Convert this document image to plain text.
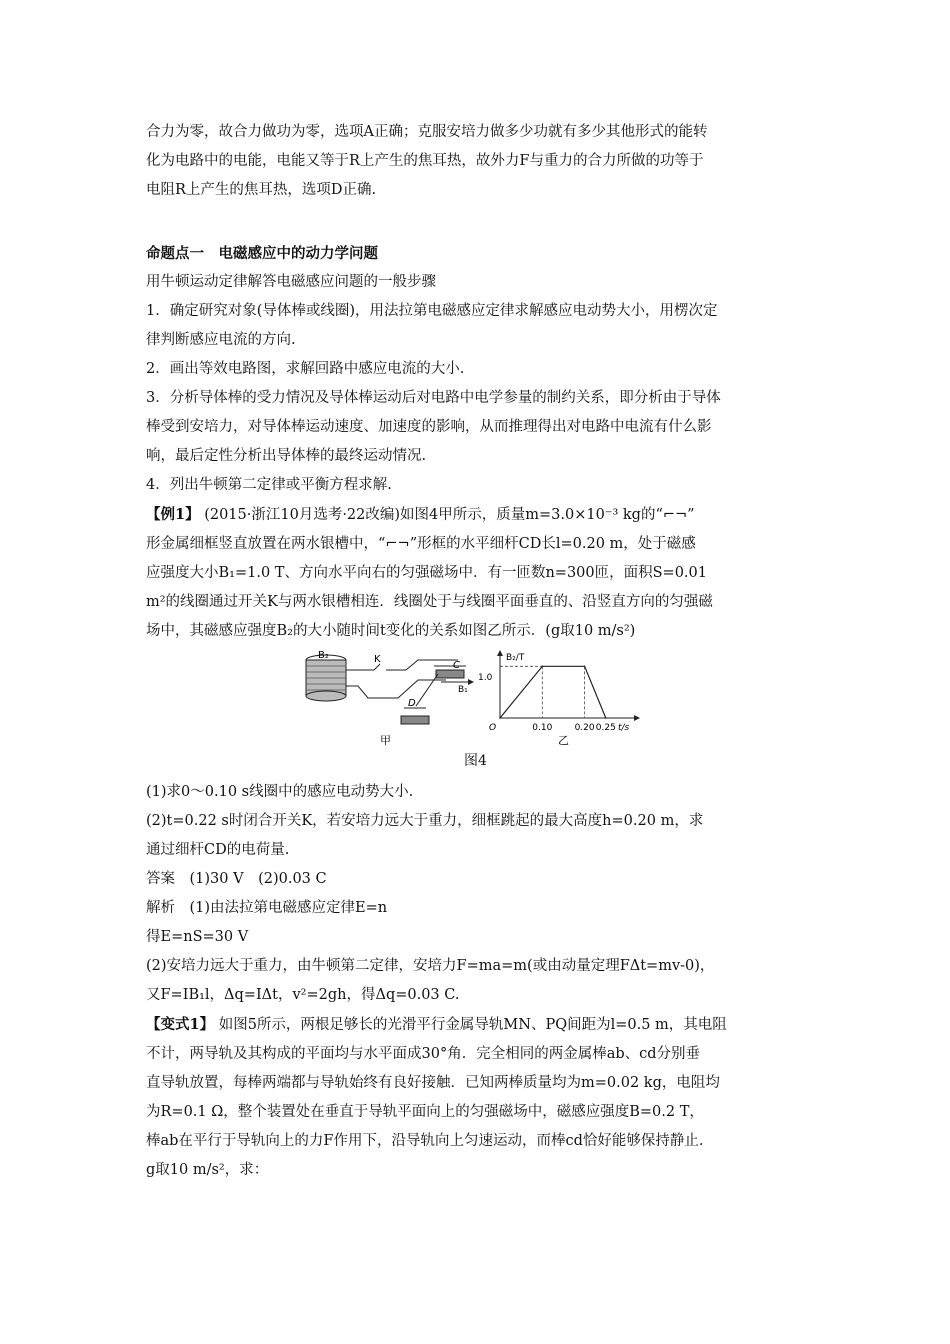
合力为零，故合力做功为零，选项A正确；克服安培力做多少功就有多少其他形式的能转

化为电路中的电能，电能又等于R上产生的焦耳热，故外力F与重力的合力所做的功等于

电阻R上产生的焦耳热，选项D正确.

命题点一　电磁感应中的动力学问题

用牛顿运动定律解答电磁感应问题的一般步骤

1．确定研究对象(导体棒或线圈)，用法拉第电磁感应定律求解感应电动势大小，用楞次定

律判断感应电流的方向.

2．画出等效电路图，求解回路中感应电流的大小.

3．分析导体棒的受力情况及导体棒运动后对电路中电学参量的制约关系，即分析由于导体

棒受到安培力，对导体棒运动速度、加速度的影响，从而推理得出对电路中电流有什么影

响，最后定性分析出导体棒的最终运动情况.

4．列出牛顿第二定律或平衡方程求解.

【例1】 (2015·浙江10月选考·22改编)如图4甲所示，质量m=3.0×10⁻³ kg的“⌐¬”

形金属细框竖直放置在两水银槽中，“⌐¬”形框的水平细杆CD长l=0.20 m，处于磁感

应强度大小B₁=1.0 T、方向水平向右的匀强磁场中．有一匝数n=300匝，面积S=0.01

m²的线圈通过开关K与两水银槽相连．线圈处于与线圈平面垂直的、沿竖直方向的匀强磁

场中，其磁感应强度B₂的大小随时间t变化的关系如图乙所示．(g取10 m/s²)

B₂	K
C
B₁
D
甲
B₂/T
O
1.0
0.10 0.20 0.25 t/s
乙
图4

(1)求0～0.10 s线圈中的感应电动势大小.

(2)t=0.22 s时闭合开关K，若安培力远大于重力，细框跳起的最大高度h=0.20 m，求

通过细杆CD的电荷量.

答案　(1)30 V　(2)0.03 C

解析　(1)由法拉第电磁感应定律E=n

得E=nS=30 V

(2)安培力远大于重力，由牛顿第二定律，安培力F=ma=m(或由动量定理FΔt=mv-0)，

又F=IB₁l，Δq=IΔt，v²=2gh，得Δq=0.03 C.

【变式1】 如图5所示，两根足够长的光滑平行金属导轨MN、PQ间距为l=0.5 m，其电阻

不计，两导轨及其构成的平面均与水平面成30°角．完全相同的两金属棒ab、cd分别垂

直导轨放置，每棒两端都与导轨始终有良好接触．已知两棒质量均为m=0.02 kg，电阻均

为R=0.1 Ω，整个装置处在垂直于导轨平面向上的匀强磁场中，磁感应强度B=0.2 T，

棒ab在平行于导轨向上的力F作用下，沿导轨向上匀速运动，而棒cd恰好能够保持静止.

g取10 m/s²，求：
